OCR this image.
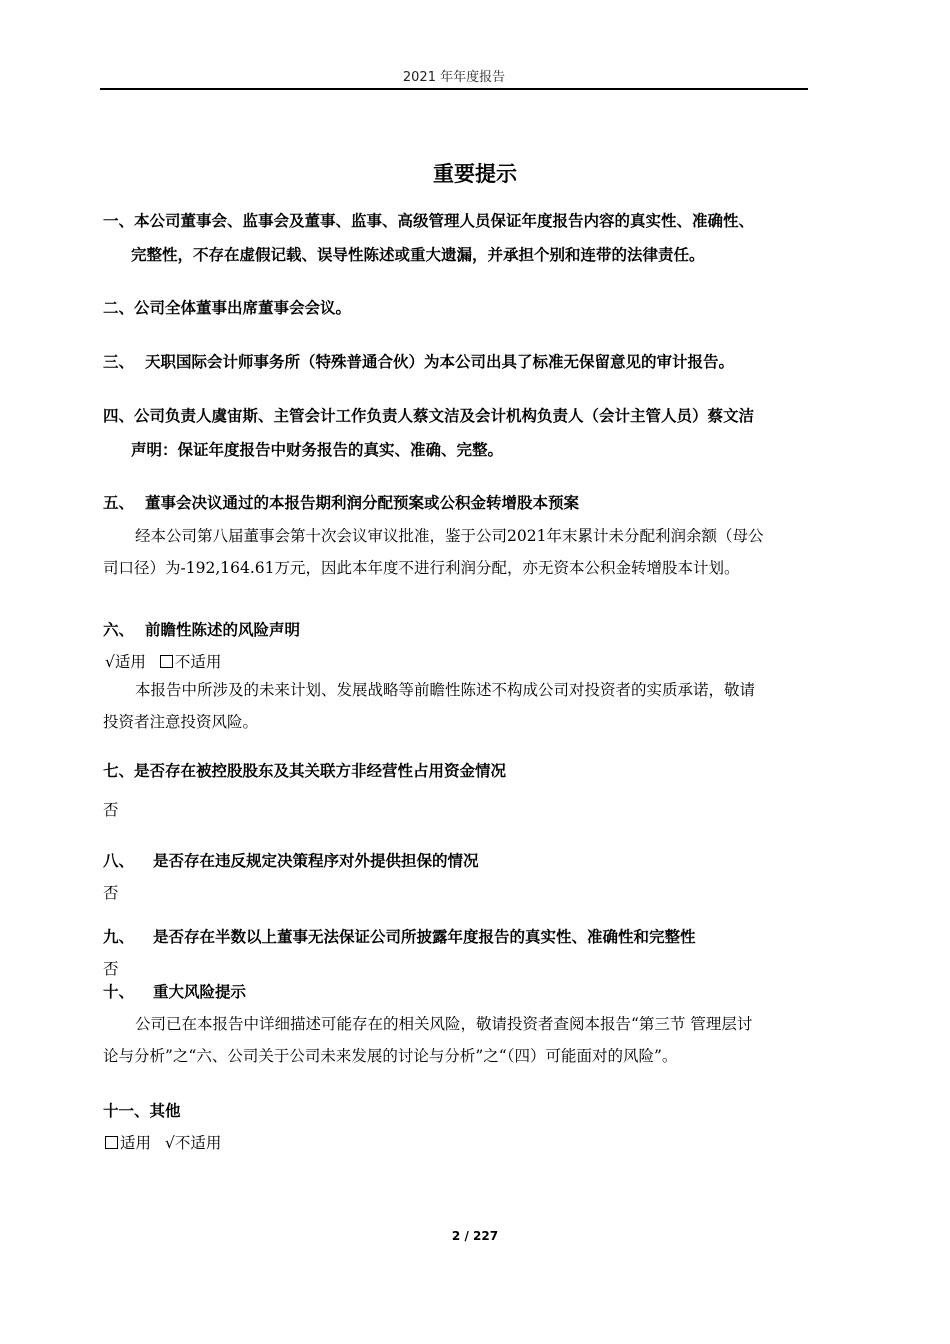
2021 年年度报告
重要提示
一、本公司董事会、监事会及董事、监事、高级管理人员保证年度报告内容的真实性、准确性、
完整性，不存在虚假记载、误导性陈述或重大遗漏，并承担个别和连带的法律责任。
二、公司全体董事出席董事会会议。
三、 天职国际会计师事务所（特殊普通合伙）为本公司出具了标准无保留意见的审计报告。
四、公司负责人虞宙斯、主管会计工作负责人蔡文洁及会计机构负责人（会计主管人员）蔡文洁
声明：保证年度报告中财务报告的真实、准确、完整。
五、 董事会决议通过的本报告期利润分配预案或公积金转增股本预案
经本公司第八届董事会第十次会议审议批准，鉴于公司2021年末累计未分配利润余额（母公
司口径）为-192,164.61万元，因此本年度不进行利润分配，亦无资本公积金转增股本计划。
六、 前瞻性陈述的风险声明
√适用 不适用
本报告中所涉及的未来计划、发展战略等前瞻性陈述不构成公司对投资者的实质承诺，敬请
投资者注意投资风险。
七、是否存在被控股股东及其关联方非经营性占用资金情况
否
八、 是否存在违反规定决策程序对外提供担保的情况
否
九、 是否存在半数以上董事无法保证公司所披露年度报告的真实性、准确性和完整性
否
十、 重大风险提示
公司已在本报告中详细描述可能存在的相关风险，敬请投资者查阅本报告“第三节 管理层讨
论与分析”之“六、公司关于公司未来发展的讨论与分析”之“（四）可能面对的风险”。
十一、其他
适用 √不适用
2 / 227
